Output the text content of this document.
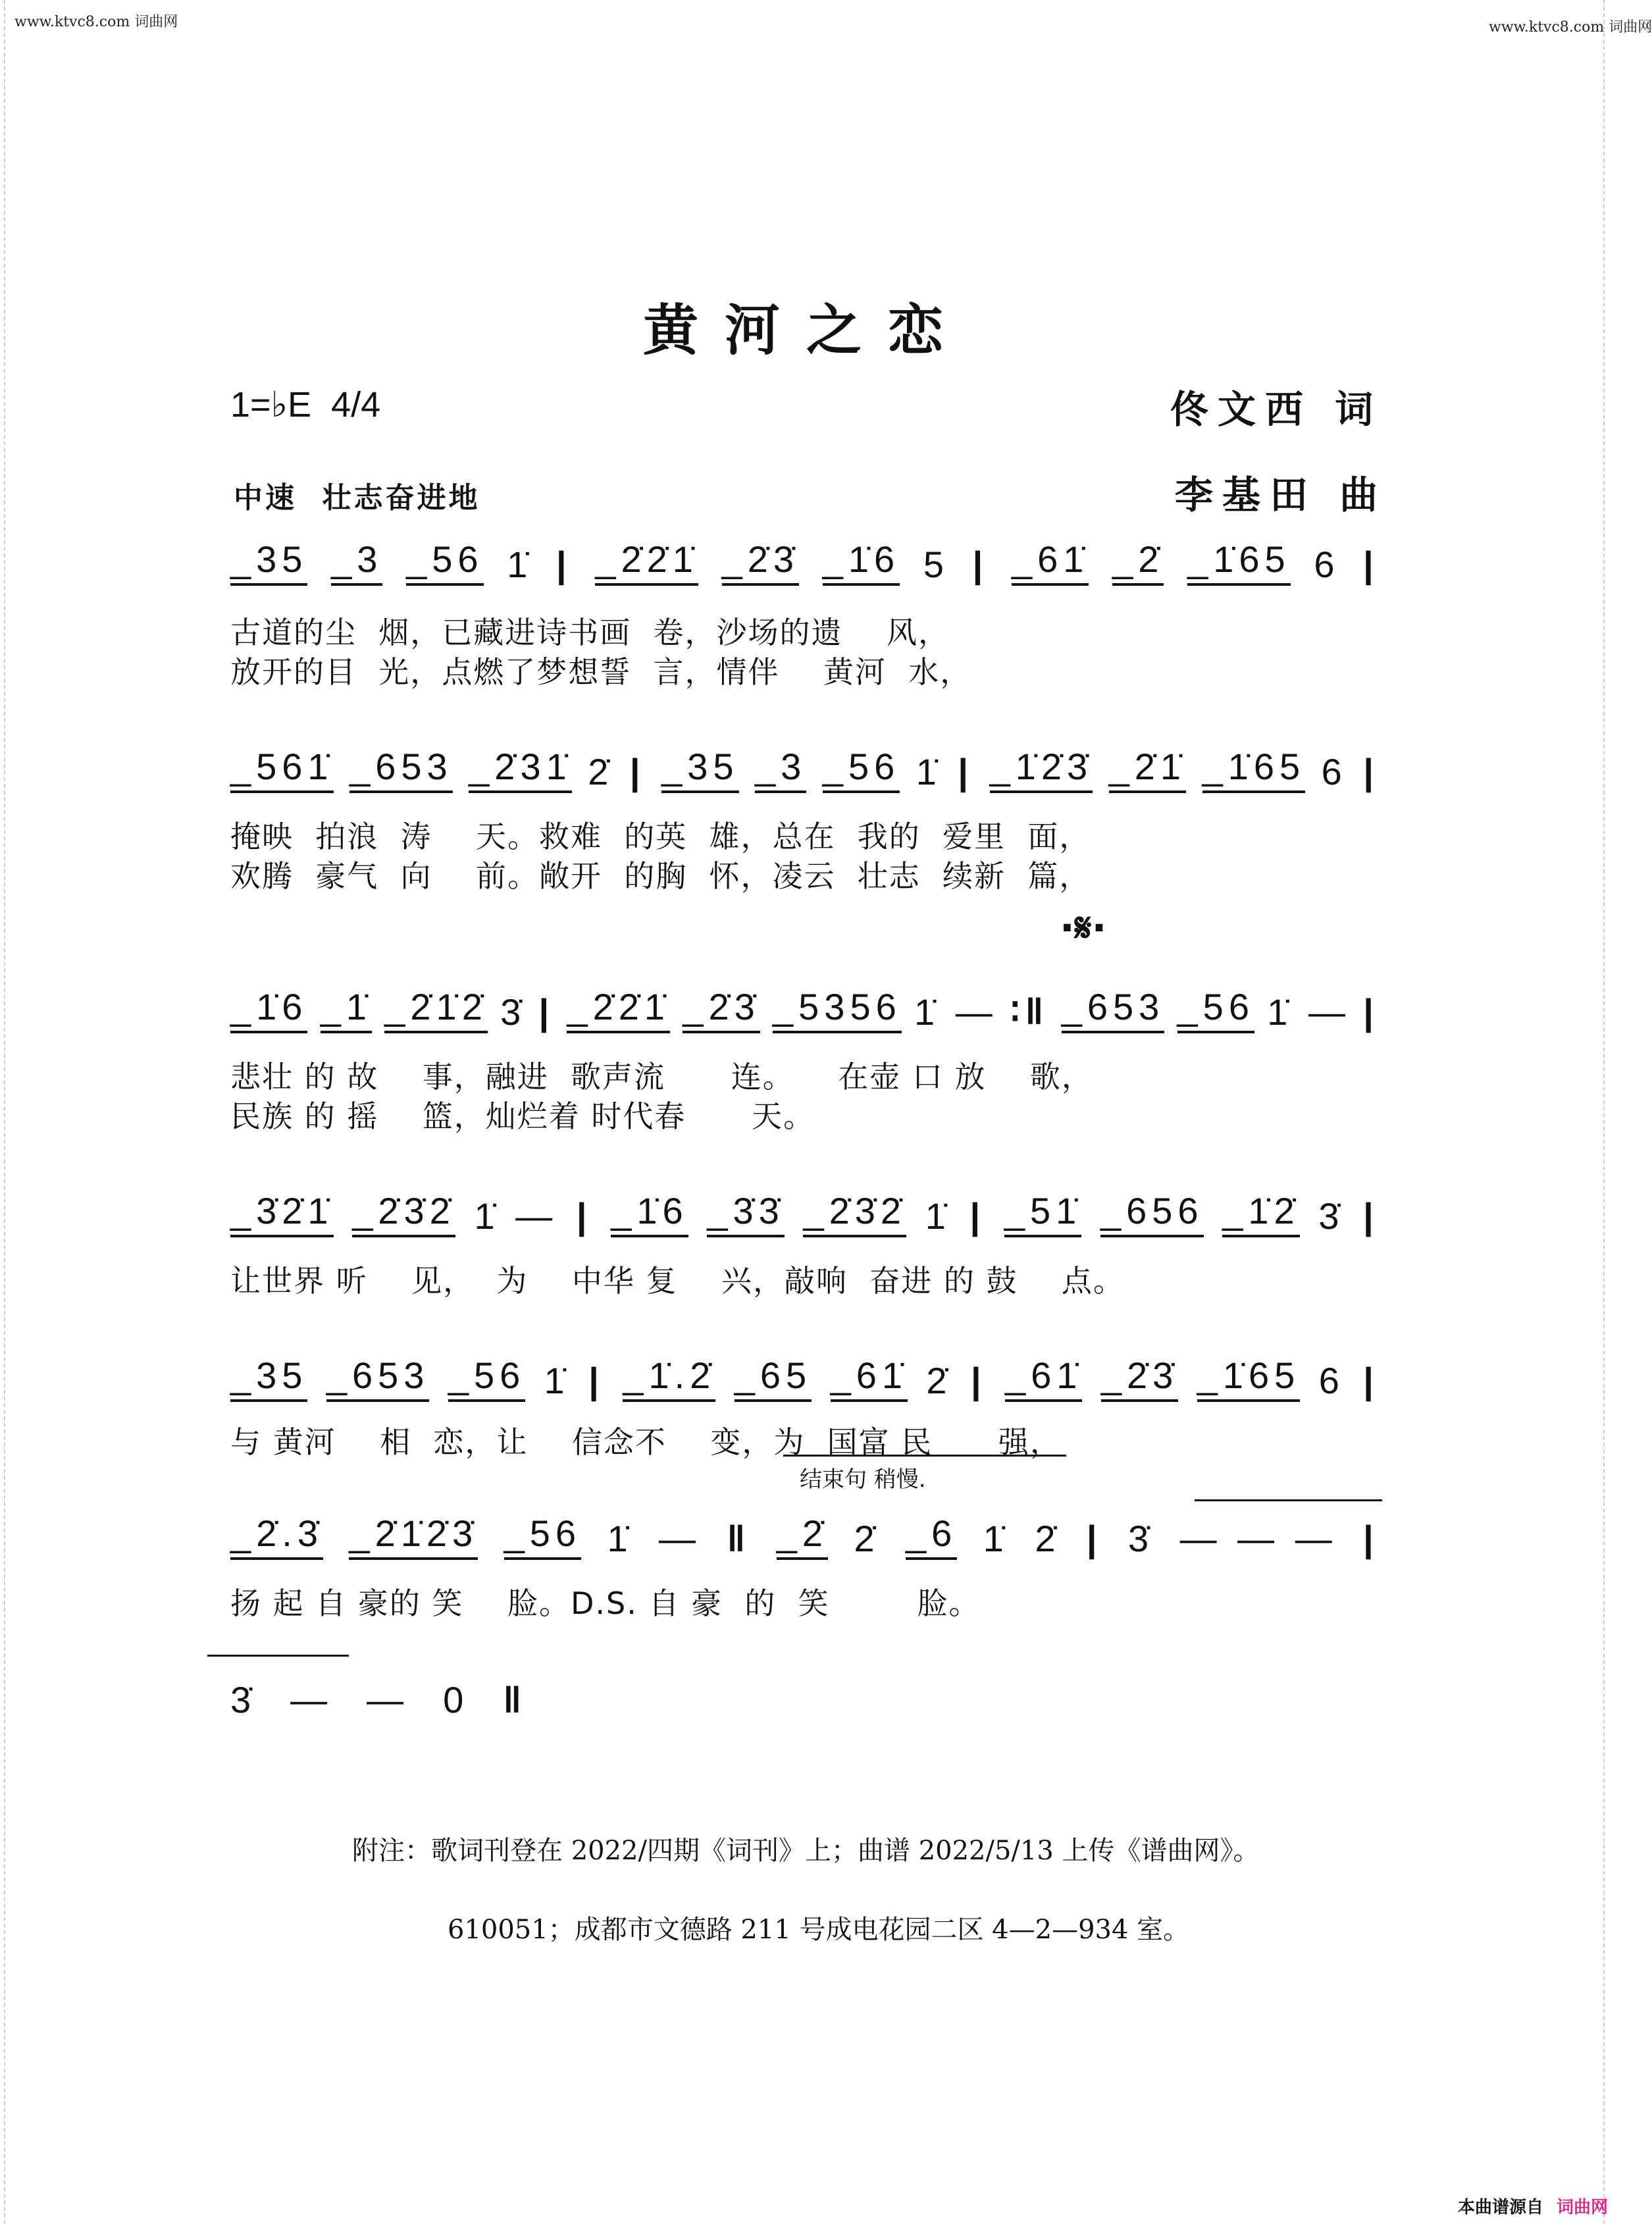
www.ktvc8.com 词曲网	www.ktvc8.com 词曲网
黄河之恋
1=♭E  4/4	佟文西 词
李基田 曲
中速  壮志奋进地
·𝄋·
_35 _3 _56 1̇ | _2̇2̇1̇ _2̇3̇ _1̇6 5 | _61̇ _2̇ _1̇65 6 |
古道的尘  烟，已藏进诗书画  卷，沙场的遗    风，
放开的目  光，点燃了梦想誓  言，情伴    黄河  水，
_561̇ _653 _2̇31̇ 2̇ | _35 _3 _56 1̇ | _1̇2̇3̇ _2̇1̇ _1̇65 6 |
掩映  拍浪  涛    天。救难  的英  雄，总在  我的  爱里  面，
欢腾  豪气  向    前。敞开  的胸  怀，凌云  壮志  续新  篇，
_1̇6 _1̇ _2̇1̇2̇ 3̇ | _2̇2̇1̇ _2̇3̇ _5356 1̇ — ∶‖ _653 _56 1̇ — |
悲壮 的 故    事，融进  歌声流      连。    在壶 口 放    歌，
民族 的 摇    篮，灿烂着 时代春      天。
_3̇2̇1̇ _2̇3̇2̇ 1̇ — | _1̇6 _3̇3̇ _2̇3̇2̇ 1̇ | _51̇ _656 _1̇2̇ 3̇ |
让世界 听    见，  为    中华 复    兴，敲响  奋进 的 鼓    点。
_35 _653 _56 1̇ | _1̇.2̇ _65 _61̇ 2̇ | _61̇ _2̇3̇ _1̇65 6 |
与 黄河    相  恋，让    信念不    变，为  国富 民      强，
_2̇.3̇ _2̇1̇2̇3̇ _56 1̇ — ‖ _2̇ 2̇ _6 1̇ 2̇ | 3̇ — — — |
扬 起 自 豪的 笑    脸。D.S. 自 豪  的  笑        脸。
3̇ — — 0 ‖
结束句 稍慢.
附注：歌词刊登在 2022/四期《词刊》上；曲谱 2022/5/13 上传《谱曲网》。
610051；成都市文德路 211 号成电花园二区 4—2—934 室。
本曲谱源自 词曲网
